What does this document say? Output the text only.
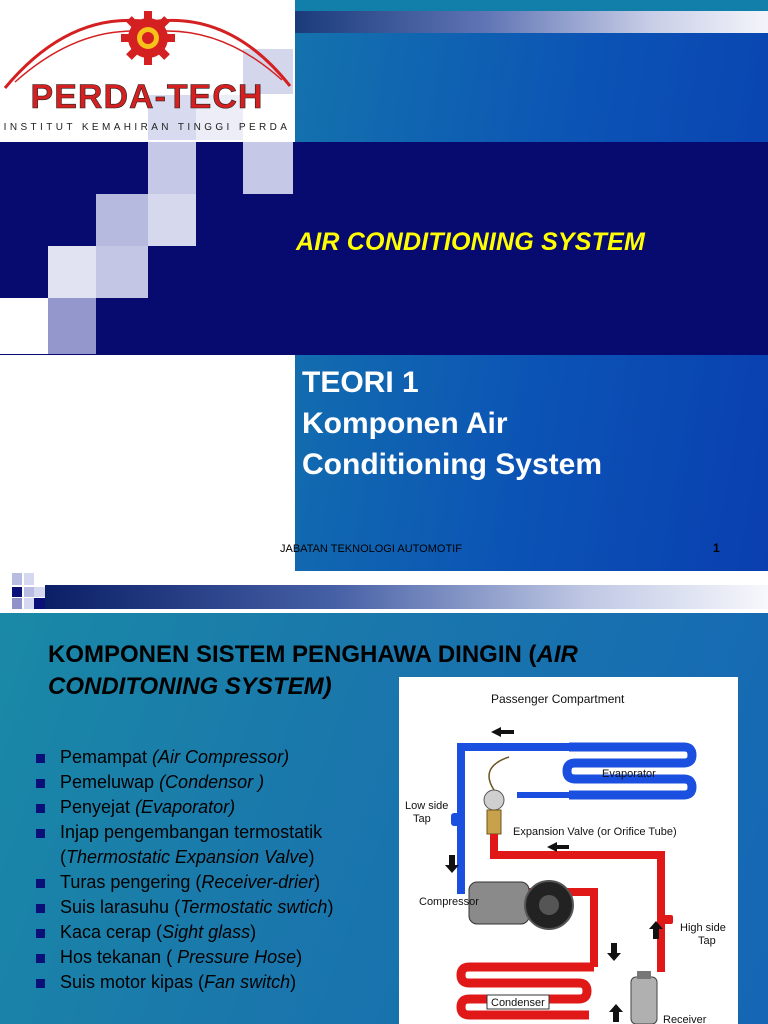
PERDA-TECH
INSTITUT KEMAHIRAN TINGGI PERDA
AIR CONDITIONING SYSTEM
TEORI 1
Komponen Air
Conditioning System
JABATAN TEKNOLOGI AUTOMOTIF	1
KOMPONEN SISTEM PENGHAWA DINGIN (AIR CONDITONING SYSTEM)
Pemampat (Air Compressor)
Pemeluwap (Condensor )
Penyejat (Evaporator)
Injap pengembangan termostatik (Thermostatic Expansion Valve)
Turas pengering (Receiver-drier)
Suis larasuhu (Termostatic swtich)
Kaca cerap (Sight glass)
Hos tekanan ( Pressure Hose)
Suis motor kipas (Fan switch)
Passenger Compartment
Evaporator
Low side
Tap
Expansion Valve (or Orifice Tube)
High side
Tap
Compressor
Condenser
Receiver
